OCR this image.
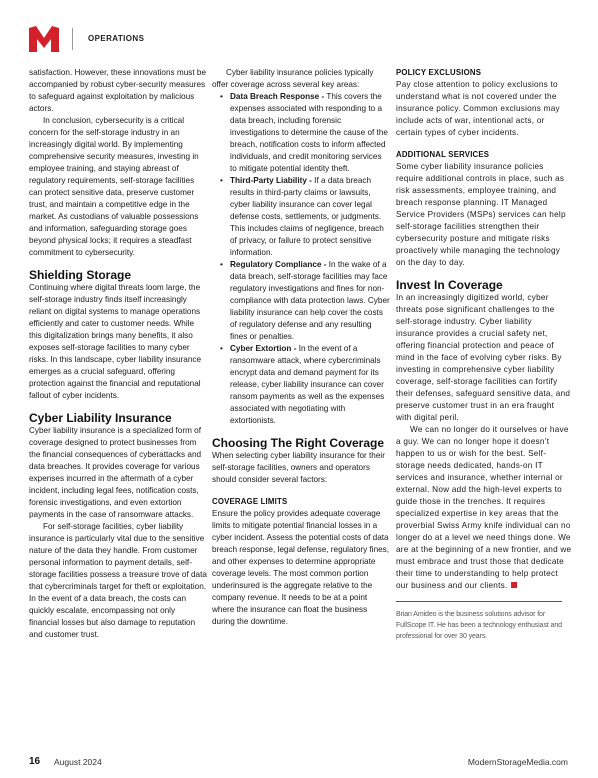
OPERATIONS

satisfaction. However, these innovations must be accompanied by robust cyber-security measures to safeguard against exploitation by malicious actors.

In conclusion, cybersecurity is a critical concern for the self-storage industry in an increasingly digital world. By implementing comprehensive security measures, investing in employee training, and staying abreast of regulatory requirements, self-storage facilities can protect sensitive data, preserve customer trust, and maintain a competitive edge in the market. As custodians of valuable possessions and information, safeguarding storage goes beyond physical locks; it requires a steadfast commitment to cybersecurity.

Shielding Storage

Continuing where digital threats loom large, the self-storage industry finds itself increasingly reliant on digital systems to manage operations efficiently and cater to customer needs. While this digitalization brings many benefits, it also exposes self-storage facilities to many cyber risks. In this landscape, cyber liability insurance emerges as a crucial safeguard, offering protection against the financial and reputational fallout of cyber incidents.

Cyber Liability Insurance

Cyber liability insurance is a specialized form of coverage designed to protect businesses from the financial consequences of cyberattacks and data breaches. It provides coverage for various expenses incurred in the aftermath of a cyber incident, including legal fees, notification costs, forensic investigations, and even extortion payments in the case of ransomware attacks.

For self-storage facilities, cyber liability insurance is particularly vital due to the sensitive nature of the data they handle. From customer personal information to payment details, self-storage facilities possess a treasure trove of data that cybercriminals target for theft or exploitation. In the event of a data breach, the costs can quickly escalate, encompassing not only financial losses but also damage to reputation and customer trust.

Cyber liability insurance policies typically offer coverage across several key areas:

• Data Breach Response - This covers the expenses associated with responding to a data breach, including forensic investigations to determine the cause of the breach, notification costs to inform affected individuals, and credit monitoring services to mitigate potential identity theft.
• Third-Party Liability - If a data breach results in third-party claims or lawsuits, cyber liability insurance can cover legal defense costs, settlements, or judgments. This includes claims of negligence, breach of privacy, or failure to protect sensitive information.
• Regulatory Compliance - In the wake of a data breach, self-storage facilities may face regulatory investigations and fines for non-compliance with data protection laws. Cyber liability insurance can help cover the costs of regulatory defense and any resulting fines or penalties.
• Cyber Extortion - In the event of a ransomware attack, where cybercriminals encrypt data and demand payment for its release, cyber liability insurance can cover ransom payments as well as the expenses associated with negotiating with extortionists.
Choosing The Right Coverage

When selecting cyber liability insurance for their self-storage facilities, owners and operators should consider several factors:

COVERAGE LIMITS

Ensure the policy provides adequate coverage limits to mitigate potential financial losses in a cyber incident. Assess the potential costs of data breach response, legal defense, regulatory fines, and other expenses to determine appropriate coverage levels. The most common portion underinsured is the aggregate relative to the company revenue. It needs to be at a point where the insurance can float the business during the downtime.

POLICY EXCLUSIONS

Pay close attention to policy exclusions to understand what is not covered under the insurance policy. Common exclusions may include acts of war, intentional acts, or certain types of cyber incidents.

ADDITIONAL SERVICES

Some cyber liability insurance policies require additional controls in place, such as risk assessments, employee training, and breach response planning. IT Managed Service Providers (MSPs) services can help self-storage facilities strengthen their cybersecurity posture and mitigate risks proactively while managing the technology on the day to day.

Invest In Coverage

In an increasingly digitized world, cyber threats pose significant challenges to the self-storage industry. Cyber liability insurance provides a crucial safety net, offering financial protection and peace of mind in the face of evolving cyber risks. By investing in comprehensive cyber liability coverage, self-storage facilities can fortify their defenses, safeguard sensitive data, and preserve customer trust in an era fraught with digital peril.

We can no longer do it ourselves or have a guy. We can no longer hope it doesn’t happen to us or wish for the best. Self-storage needs dedicated, hands-on IT services and insurance, whether internal or external. Now add the high-level experts to guide those in the trenches. It requires specialized expertise in key areas that the proverbial Swiss Army knife individual can no longer do at a level we need things done. We are at the beginning of a new frontier, and we must embrace and trust those that dedicate their time to understanding to help protect our business and our clients.

Brian Amideo is the business solutions advisor for FullScope IT. He has been a technology enthusiast and professional for over 30 years.

16 August 2024	ModernStorageMedia.com
